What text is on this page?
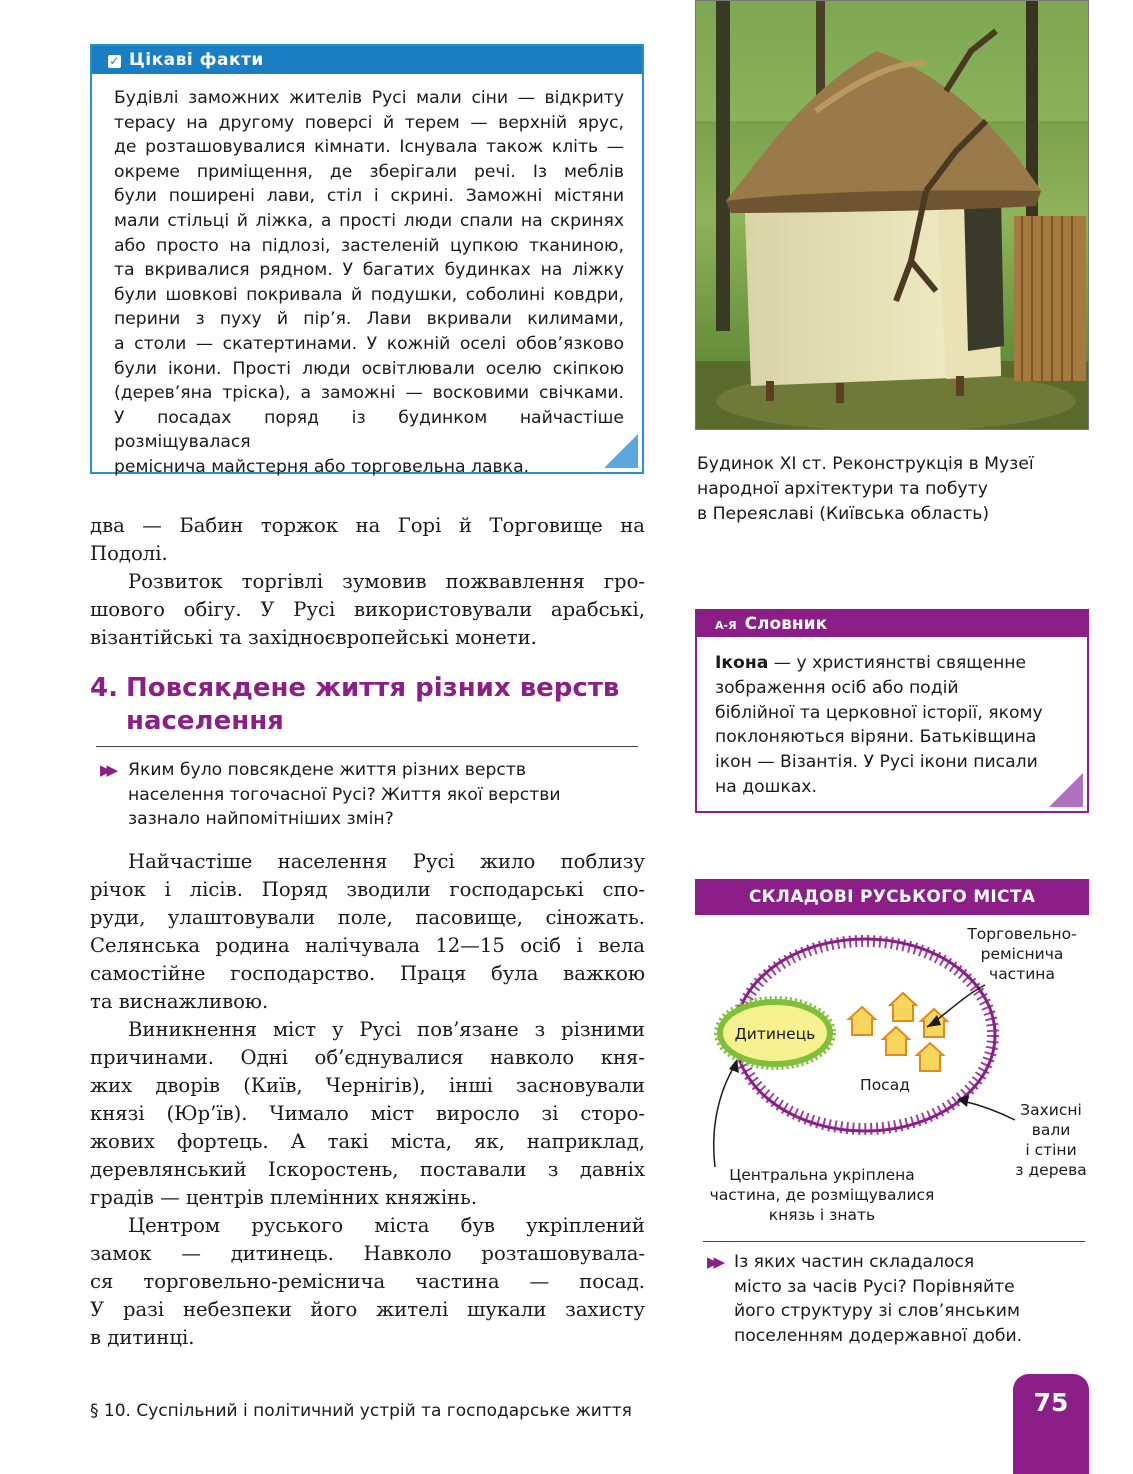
✓ Цікаві факти
Будівлі заможних жителів Русі мали сіни — відкриту
терасу на другому поверсі й терем — верхній ярус,
де розташовувалися кімнати. Існувала також кліть —
окреме приміщення, де зберігали речі. Із меблів
були поширені лави, стіл і скрині. Заможні містяни
мали стільці й ліжка, а прості люди спали на скринях
або просто на підлозі, застеленій цупкою тканиною,
та вкривалися рядном. У багатих будинках на ліжку
були шовкові покривала й подушки, соболині ковдри,
перини з пуху й пір’я. Лави вкривали килимами,
а столи — скатертинами. У кожній оселі обов’язково
були ікони. Прості люди освітлювали оселю скіпкою
(дерев’яна тріска), а заможні — восковими свічками.
У посадах поряд із будинком найчастіше розміщувалася
реміснича майстерня або торговельна лавка.

два — Бабин торжок на Горі й Торговище на
Подолі.

Розвиток торгівлі зумовив пожвавлення гро-
шового обігу. У Русі використовували арабські,
візантійські та західноєвропейські монети.

4. Повсякдене життя різних верств
населення
▶▶ Яким було повсякдене життя різних верств
населення тогочасної Русі? Життя якої верстви
зазнало найпомітніших змін?

Найчастіше населення Русі жило поблизу
річок і лісів. Поряд зводили господарські спо-
руди, улаштовували поле, пасовище, сіножать.
Селянська родина налічувала 12—15 осіб і вела
самостійне господарство. Праця була важкою
та виснажливою.

Виникнення міст у Русі пов’язане з різними
причинами. Одні об’єднувалися навколо кня-
жих дворів (Київ, Чернігів), інші засновували
князі (Юр’їв). Чимало міст виросло зі сторо-
жових фортець. А такі міста, як, наприклад,
деревлянський Іскоростень, поставали з давніх
градів — центрів племінних княжінь.

Центром руського міста був укріплений
замок — дитинець. Навколо розташовувала-
ся торговельно-реміснича частина — посад.
У разі небезпеки його жителі шукали захисту
в дитинці.

Будинок XI ст. Реконструкція в Музеї
народної архітектури та побуту
в Переяславі (Київська область)
А-Я Словник
Ікона — у християнстві священне
зображення осіб або подій
біблійної та церковної історії, якому
поклоняються віряни. Батьківщина
ікон — Візантія. У Русі ікони писали
на дошках.
СКЛАДОВІ РУСЬКОГО МІСТА
Дитинець
Посад
Торговельно-
реміснича
частина
Захисні
вали
і стіни
з дерева
Центральна укріплена
частина, де розміщувалися
князь і знать
▶▶ Із яких частин складалося
місто за часів Русі? Порівняйте
його структуру зі слов’янським
поселенням додержавної доби.
§ 10. Суспільний і політичний устрій та господарське життя	75
